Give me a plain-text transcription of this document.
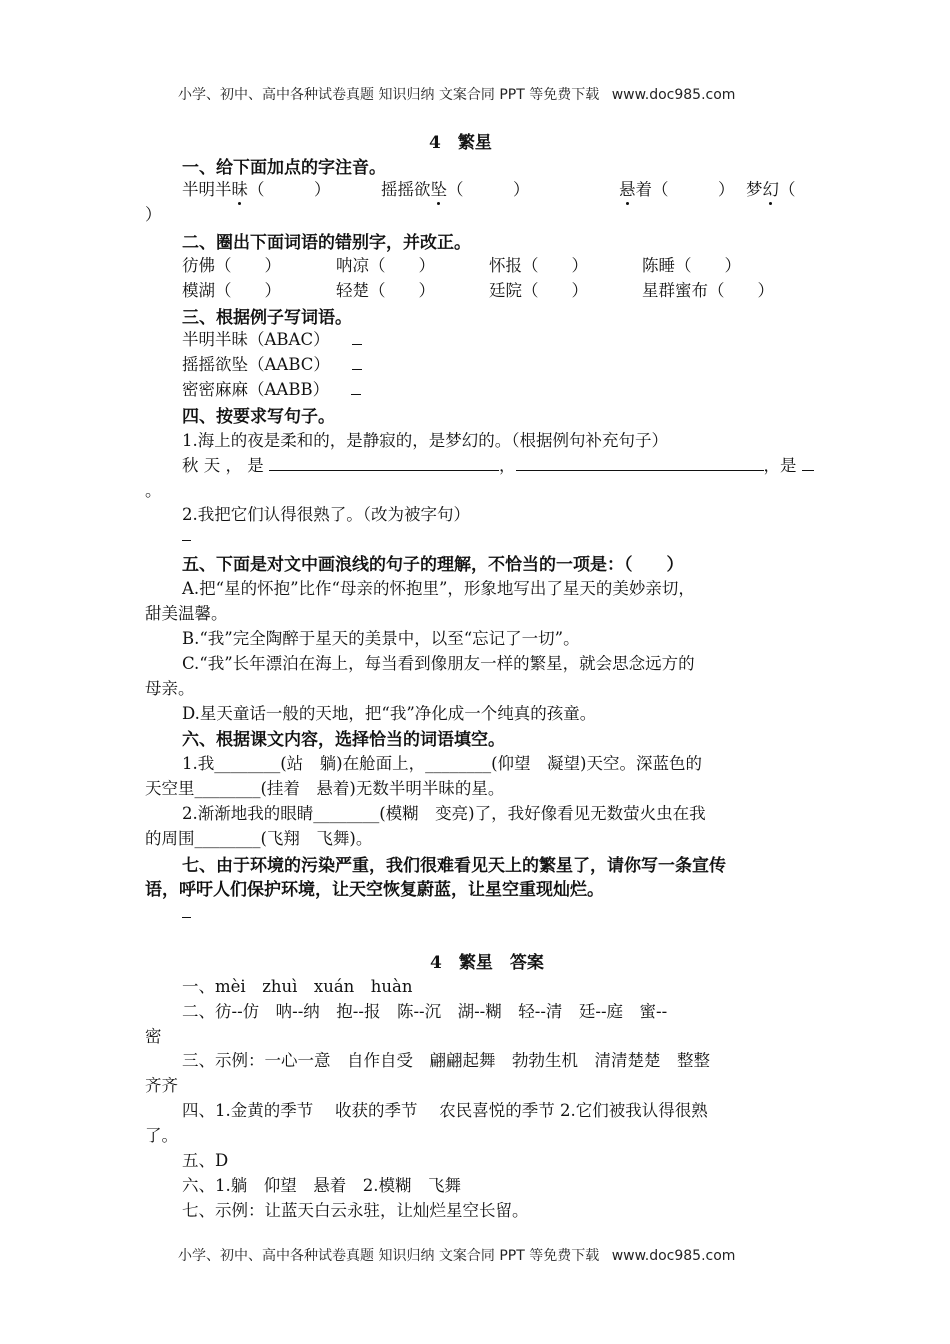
小学、初中、高中各种试卷真题 知识归纳 文案合同 PPT 等免费下载 www.doc985.com
4　繁星
一、给下面加点的字注音。
半明半昧（　　　）	摇摇欲坠（　　　）	悬着（　　　） 梦幻（
）
二、圈出下面词语的错别字，并改正。
彷佛（　　）	呐凉（　　）	怀报（　　）	陈睡（　　）
模湖（　　）	轻楚（　　）	廷院（　　）	星群蜜布（　　）
三、根据例子写词语。
半明半昧（ABAC）
摇摇欲坠（AABC）
密密麻麻（AABB）
四、按要求写句子。
1.海上的夜是柔和的，是静寂的，是梦幻的。（根据例句补充句子）
秋 天 ， 是	，	，是
。
2.我把它们认得很熟了。（改为被字句）
五、下面是对文中画浪线的句子的理解，不恰当的一项是：（　　）
A.把“星的怀抱”比作“母亲的怀抱里”，形象地写出了星天的美妙亲切，
甜美温馨。
B.“我”完全陶醉于星天的美景中，以至“忘记了一切”。
C.“我”长年漂泊在海上，每当看到像朋友一样的繁星，就会思念远方的
母亲。
D.星天童话一般的天地，把“我”净化成一个纯真的孩童。
六、根据课文内容，选择恰当的词语填空。
1.我________(站　躺)在舱面上，________(仰望　凝望)天空。深蓝色的
天空里________(挂着　悬着)无数半明半昧的星。
2.渐渐地我的眼睛________(模糊　变亮)了，我好像看见无数萤火虫在我
的周围________(飞翔　飞舞)。
七、由于环境的污染严重，我们很难看见天上的繁星了，请你写一条宣传
语，呼吁人们保护环境，让天空恢复蔚蓝，让星空重现灿烂。
4　繁星　答案
一、mèi　zhuì　xuán　huàn
二、彷--仿　呐--纳　抱--报　陈--沉　湖--糊　轻--清　廷--庭　蜜--
密
三、示例：一心一意　自作自受　翩翩起舞　勃勃生机　清清楚楚　整整
齐齐
四、1.金黄的季节　 收获的季节　 农民喜悦的季节 2.它们被我认得很熟
了。
五、D
六、1.躺　仰望　悬着　2.模糊　飞舞
七、示例：让蓝天白云永驻，让灿烂星空长留。
小学、初中、高中各种试卷真题 知识归纳 文案合同 PPT 等免费下载 www.doc985.com
